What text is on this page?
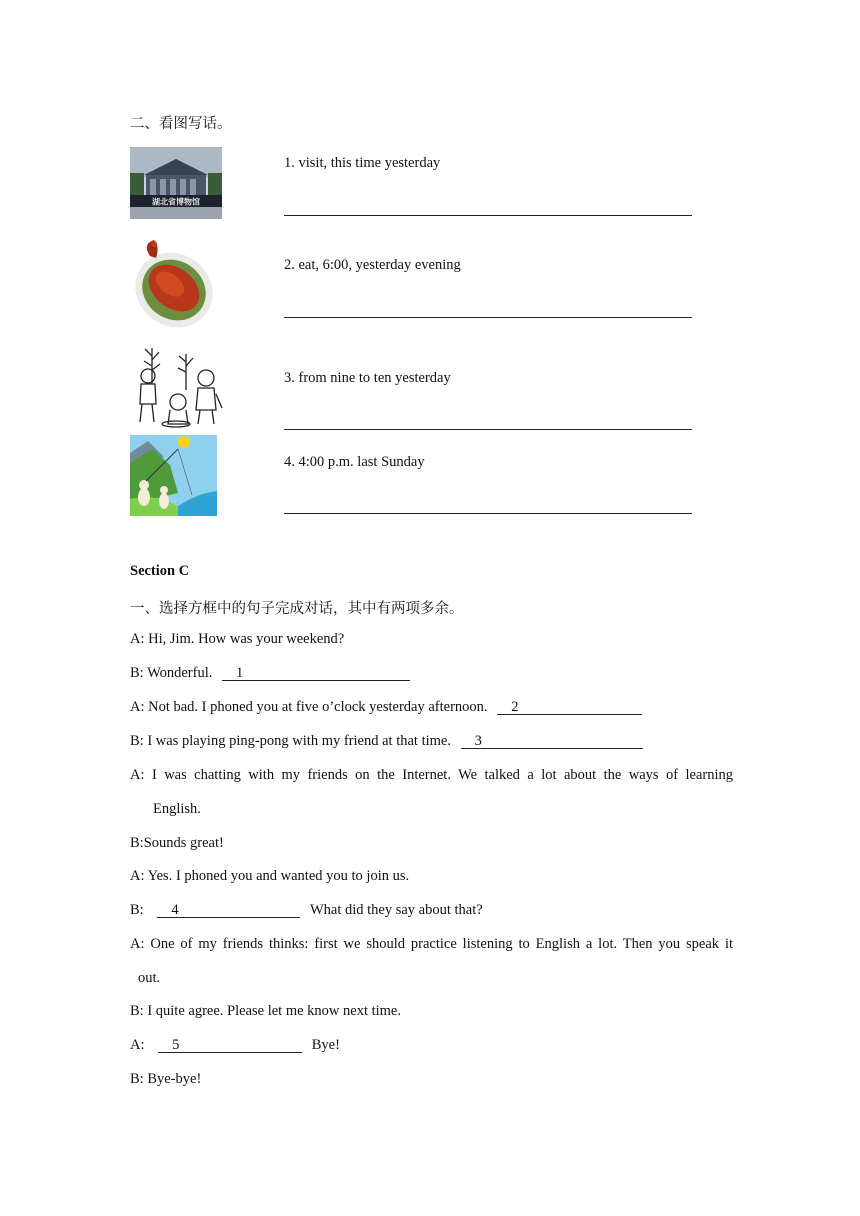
二、看图写话。
湖北省博物馆
1. visit, this time yesterday
2. eat, 6:00, yesterday evening
3. from nine to ten yesterday
4. 4:00 p.m. last Sunday
Section C
一、选择方框中的句子完成对话，其中有两项多余。
A: Hi, Jim. How was your weekend?
B: Wonderful. 1
A: Not bad. I phoned you at five o’clock yesterday afternoon. 2
B: I was playing ping-pong with my friend at that time. 3
A: I was chatting with my friends on the Internet. We talked a lot about the ways of learning
English.
B:Sounds great!
A: Yes. I phoned you and wanted you to join us.
B: 4	What did they say about that?
A: One of my friends thinks: first we should practice listening to English a lot. Then you speak it
out.
B: I quite agree. Please let me know next time.
A: 5	Bye!
B: Bye-bye!
